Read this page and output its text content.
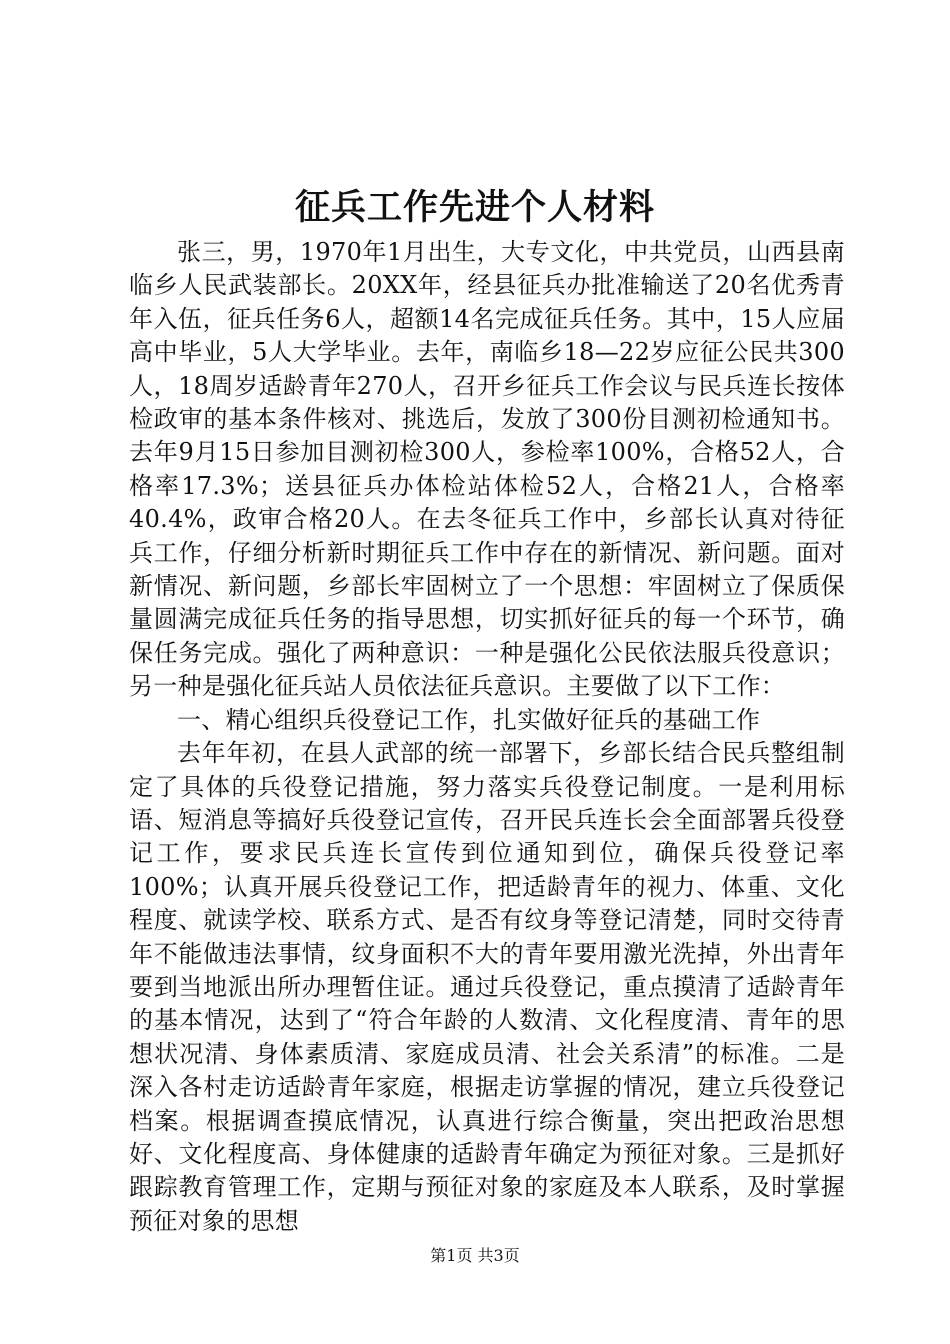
征兵工作先进个人材料

张三，男，1970年1月出生，大专文化，中共党员，山西县南临乡人民武装部长。20XX年，经县征兵办批准输送了20名优秀青年入伍，征兵任务6人，超额14名完成征兵任务。其中，15人应届高中毕业，5人大学毕业。去年，南临乡18—22岁应征公民共300人，18周岁适龄青年270人，召开乡征兵工作会议与民兵连长按体检政审的基本条件核对、挑选后，发放了300份目测初检通知书。去年9月15日参加目测初检300人，参检率100%，合格52人，合格率17.3%；送县征兵办体检站体检52人，合格21人，合格率40.4%，政审合格20人。在去冬征兵工作中，乡部长认真对待征兵工作，仔细分析新时期征兵工作中存在的新情况、新问题。面对新情况、新问题，乡部长牢固树立了一个思想：牢固树立了保质保量圆满完成征兵任务的指导思想，切实抓好征兵的每一个环节，确保任务完成。强化了两种意识：一种是强化公民依法服兵役意识；另一种是强化征兵站人员依法征兵意识。主要做了以下工作：

一、精心组织兵役登记工作，扎实做好征兵的基础工作

去年年初，在县人武部的统一部署下，乡部长结合民兵整组制定了具体的兵役登记措施，努力落实兵役登记制度。一是利用标语、短消息等搞好兵役登记宣传，召开民兵连长会全面部署兵役登记工作，要求民兵连长宣传到位通知到位，确保兵役登记率100%；认真开展兵役登记工作，把适龄青年的视力、体重、文化程度、就读学校、联系方式、是否有纹身等登记清楚，同时交待青年不能做违法事情，纹身面积不大的青年要用激光洗掉，外出青年要到当地派出所办理暂住证。通过兵役登记，重点摸清了适龄青年的基本情况，达到了“符合年龄的人数清、文化程度清、青年的思想状况清、身体素质清、家庭成员清、社会关系清”的标准。二是深入各村走访适龄青年家庭，根据走访掌握的情况，建立兵役登记档案。根据调查摸底情况，认真进行综合衡量，突出把政治思想好、文化程度高、身体健康的适龄青年确定为预征对象。三是抓好跟踪教育管理工作，定期与预征对象的家庭及本人联系，及时掌握预征对象的思想

第1页 共3页
